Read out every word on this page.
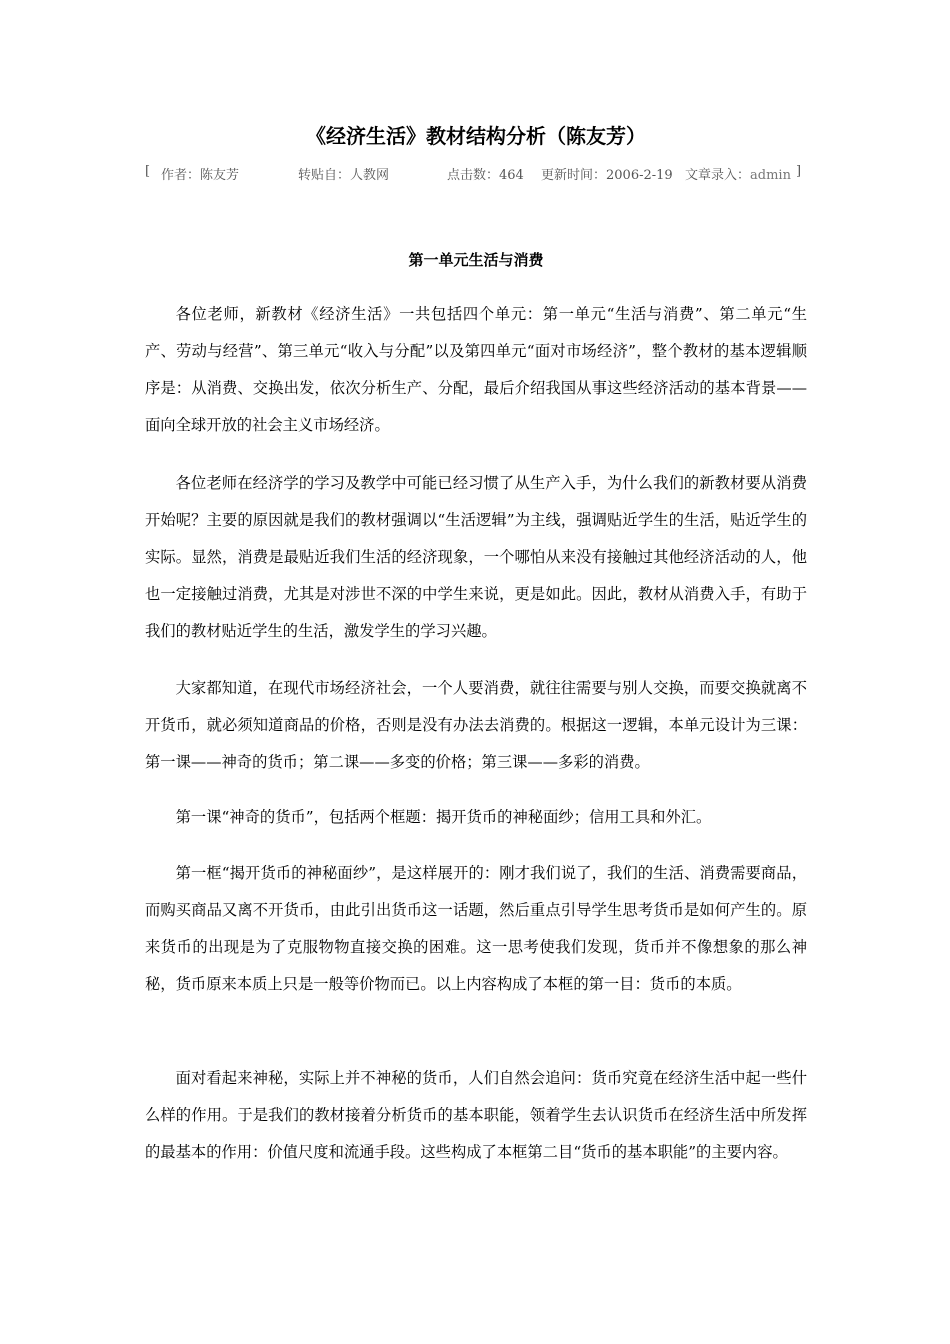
《经济生活》教材结构分析（陈友芳）
[ 作者：陈友芳	转贴自：人教网	点击数：464 更新时间：2006-2-19 文章录入：admin ]
第一单元生活与消费

各位老师，新教材《经济生活》一共包括四个单元：第一单元“生活与消费”、第二单元“生产、劳动与经营”、第三单元“收入与分配”以及第四单元“面对市场经济”，整个教材的基本逻辑顺序是：从消费、交换出发，依次分析生产、分配，最后介绍我国从事这些经济活动的基本背景——面向全球开放的社会主义市场经济。

各位老师在经济学的学习及教学中可能已经习惯了从生产入手，为什么我们的新教材要从消费开始呢？主要的原因就是我们的教材强调以“生活逻辑”为主线，强调贴近学生的生活，贴近学生的实际。显然，消费是最贴近我们生活的经济现象，一个哪怕从来没有接触过其他经济活动的人，他也一定接触过消费，尤其是对涉世不深的中学生来说，更是如此。因此，教材从消费入手，有助于我们的教材贴近学生的生活，激发学生的学习兴趣。

大家都知道，在现代市场经济社会，一个人要消费，就往往需要与别人交换，而要交换就离不开货币，就必须知道商品的价格，否则是没有办法去消费的。根据这一逻辑，本单元设计为三课：第一课——神奇的货币；第二课——多变的价格；第三课——多彩的消费。

第一课“神奇的货币”，包括两个框题：揭开货币的神秘面纱；信用工具和外汇。

第一框“揭开货币的神秘面纱”，是这样展开的：刚才我们说了，我们的生活、消费需要商品，而购买商品又离不开货币，由此引出货币这一话题，然后重点引导学生思考货币是如何产生的。原来货币的出现是为了克服物物直接交换的困难。这一思考使我们发现，货币并不像想象的那么神秘，货币原来本质上只是一般等价物而已。以上内容构成了本框的第一目：货币的本质。

面对看起来神秘，实际上并不神秘的货币，人们自然会追问：货币究竟在经济生活中起一些什么样的作用。于是我们的教材接着分析货币的基本职能，领着学生去认识货币在经济生活中所发挥的最基本的作用：价值尺度和流通手段。这些构成了本框第二目“货币的基本职能”的主要内容。
